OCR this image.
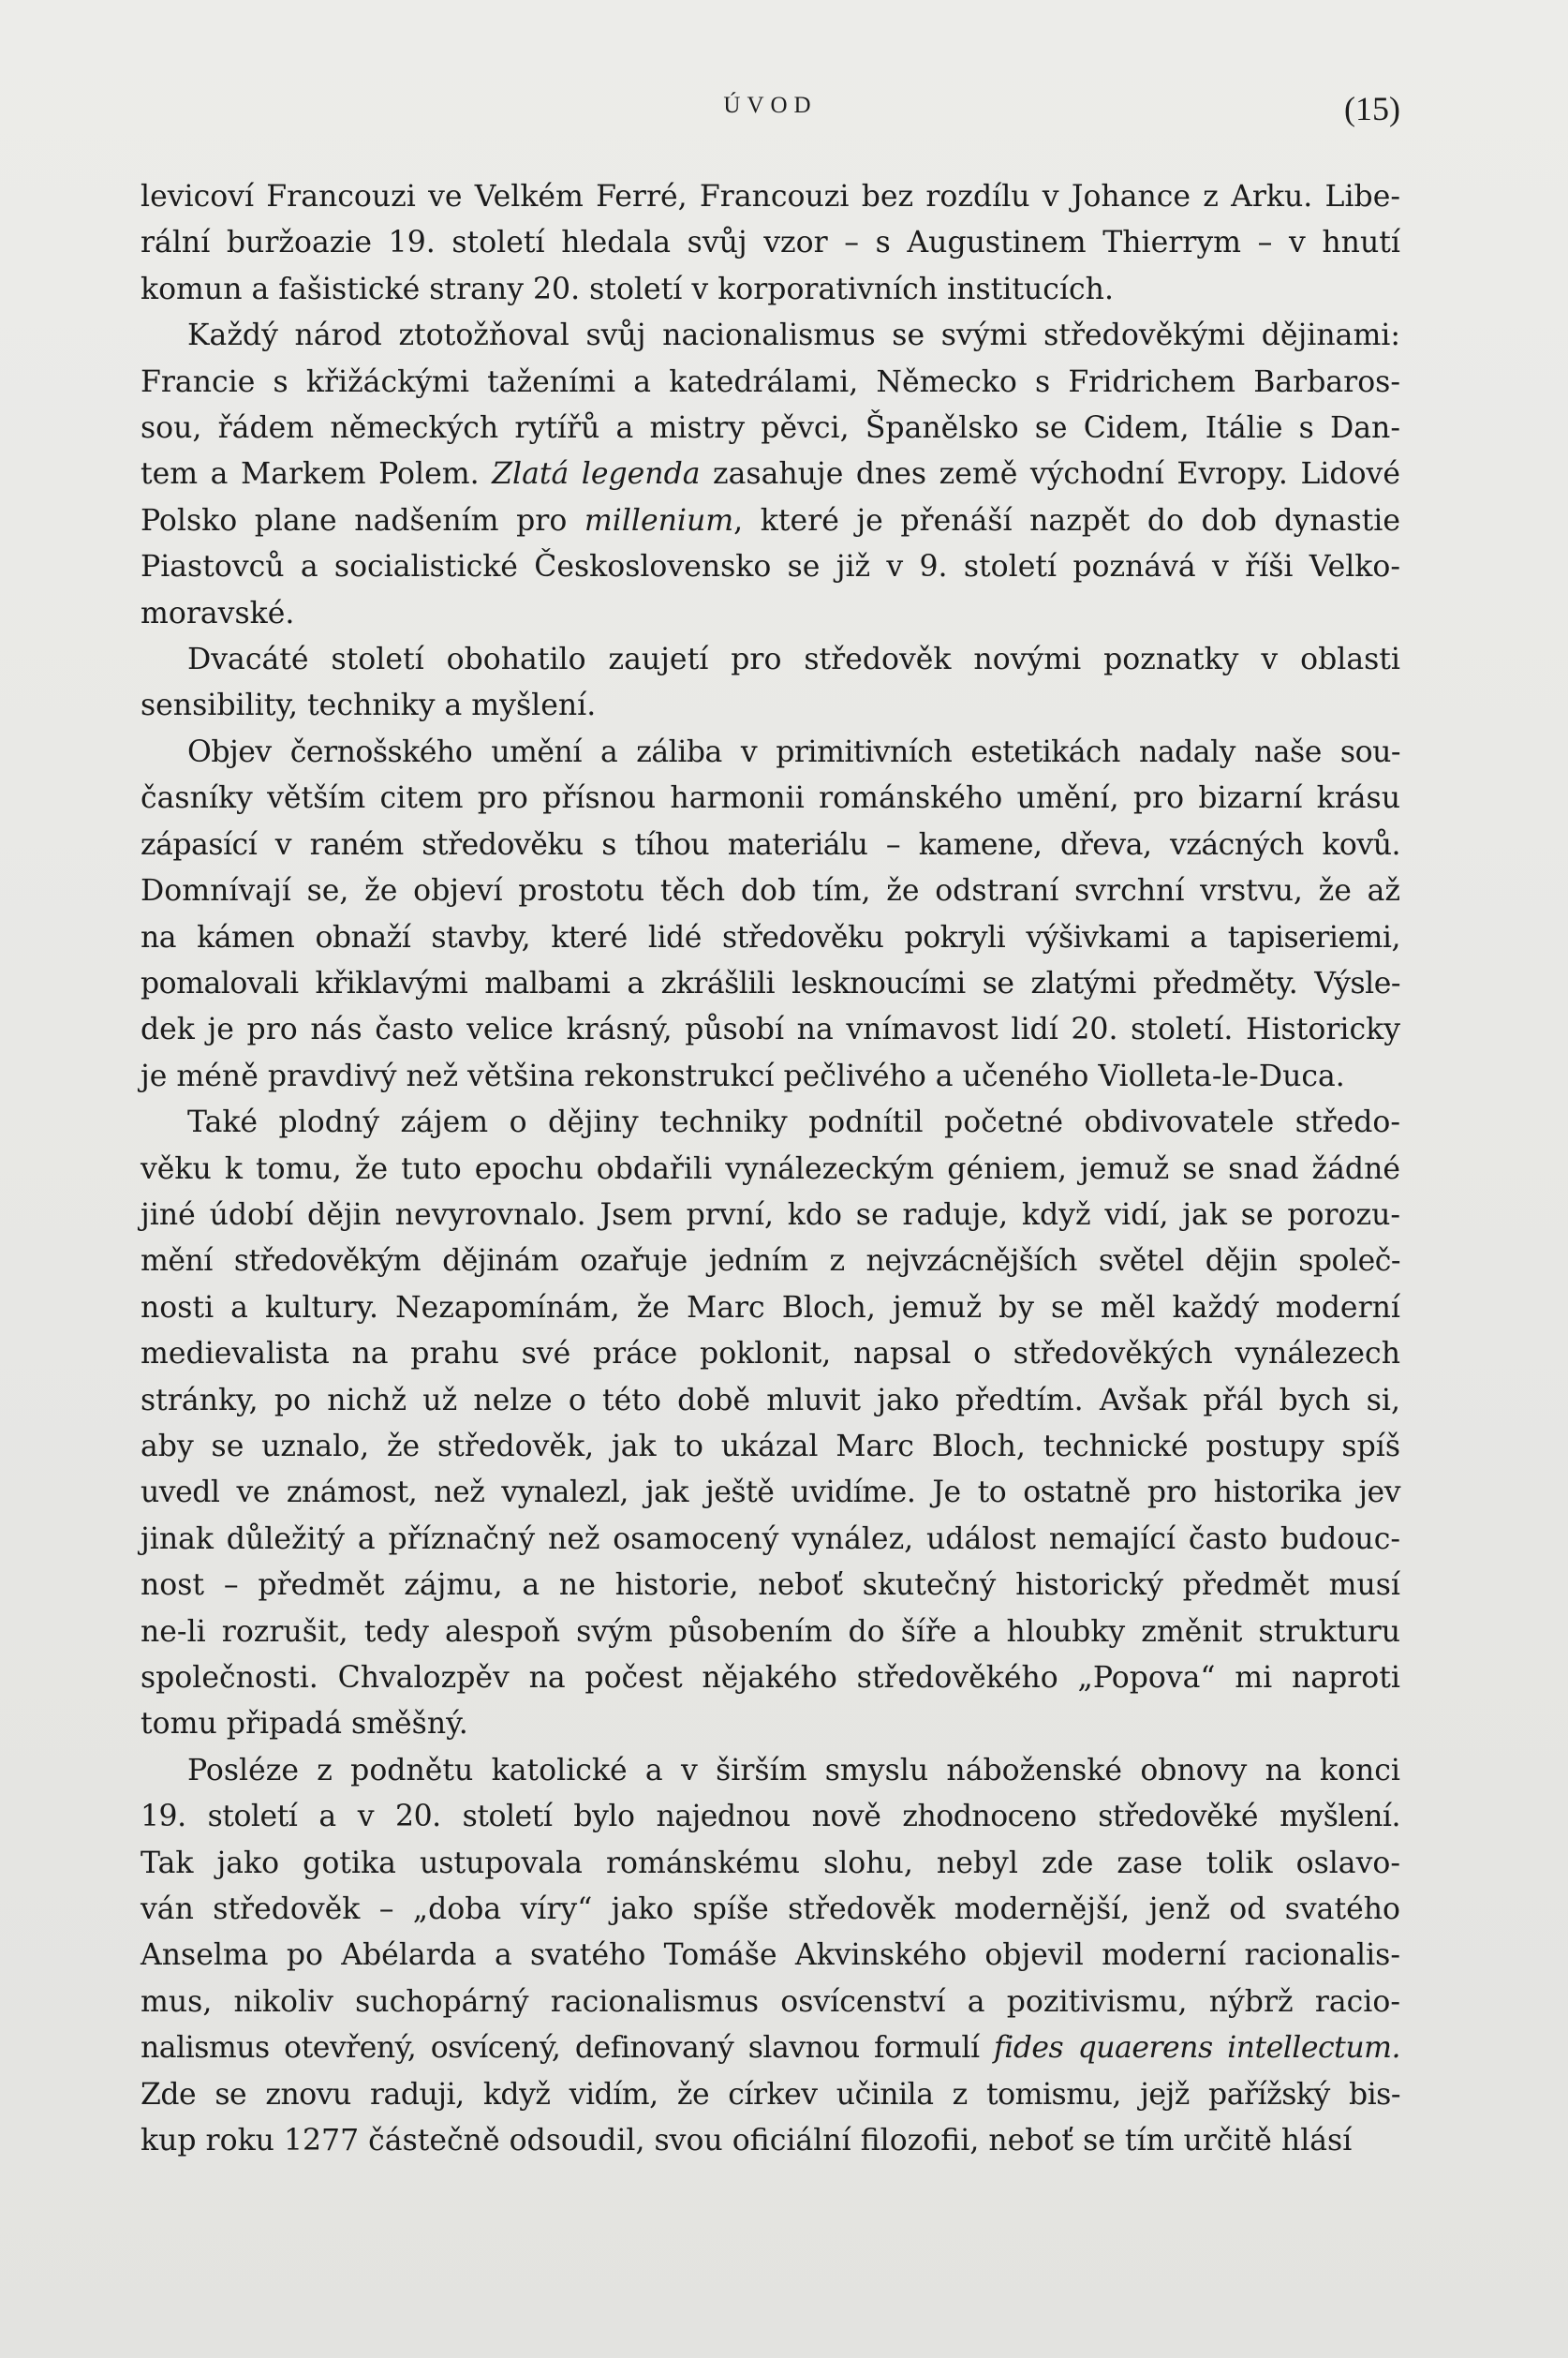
ÚVOD	(15)
levicoví Francouzi ve Velkém Ferré, Francouzi bez rozdílu v Johance z Arku. Libe-
rální buržoazie 19. století hledala svůj vzor – s Augustinem Thierrym – v hnutí
komun a fašistické strany 20. století v korporativních institucích.
Každý národ ztotožňoval svůj nacionalismus se svými středověkými dějinami:
Francie s křižáckými taženími a katedrálami, Německo s Fridrichem Barbaros-
sou, řádem německých rytířů a mistry pěvci, Španělsko se Cidem, Itálie s Dan-
tem a Markem Polem. Zlatá legenda zasahuje dnes země východní Evropy. Lidové
Polsko plane nadšením pro millenium, které je přenáší nazpět do dob dynastie
Piastovců a socialistické Československo se již v 9. století poznává v říši Velko-
moravské.
Dvacáté století obohatilo zaujetí pro středověk novými poznatky v oblasti
sensibility, techniky a myšlení.
Objev černošského umění a záliba v primitivních estetikách nadaly naše sou-
časníky větším citem pro přísnou harmonii románského umění, pro bizarní krásu
zápasící v raném středověku s tíhou materiálu – kamene, dřeva, vzácných kovů.
Domnívají se, že objeví prostotu těch dob tím, že odstraní svrchní vrstvu, že až
na kámen obnaží stavby, které lidé středověku pokryli výšivkami a tapiseriemi,
pomalovali křiklavými malbami a zkrášlili lesknoucími se zlatými předměty. Výsle-
dek je pro nás často velice krásný, působí na vnímavost lidí 20. století. Historicky
je méně pravdivý než většina rekonstrukcí pečlivého a učeného Violleta-le-Duca.
Také plodný zájem o dějiny techniky podnítil početné obdivovatele středo-
věku k tomu, že tuto epochu obdařili vynálezeckým géniem, jemuž se snad žádné
jiné údobí dějin nevyrovnalo. Jsem první, kdo se raduje, když vidí, jak se porozu-
mění středověkým dějinám ozařuje jedním z nejvzácnějších světel dějin společ-
nosti a kultury. Nezapomínám, že Marc Bloch, jemuž by se měl každý moderní
medievalista na prahu své práce poklonit, napsal o středověkých vynálezech
stránky, po nichž už nelze o této době mluvit jako předtím. Avšak přál bych si,
aby se uznalo, že středověk, jak to ukázal Marc Bloch, technické postupy spíš
uvedl ve známost, než vynalezl, jak ještě uvidíme. Je to ostatně pro historika jev
jinak důležitý a příznačný než osamocený vynález, událost nemající často budouc-
nost – předmět zájmu, a ne historie, neboť skutečný historický předmět musí
ne-li rozrušit, tedy alespoň svým působením do šíře a hloubky změnit strukturu
společnosti. Chvalozpěv na počest nějakého středověkého „Popova“ mi naproti
tomu připadá směšný.
Posléze z podnětu katolické a v širším smyslu náboženské obnovy na konci
19. století a v 20. století bylo najednou nově zhodnoceno středověké myšlení.
Tak jako gotika ustupovala románskému slohu, nebyl zde zase tolik oslavo-
ván středověk – „doba víry“ jako spíše středověk modernější, jenž od svatého
Anselma po Abélarda a svatého Tomáše Akvinského objevil moderní racionalis-
mus, nikoliv suchopárný racionalismus osvícenství a pozitivismu, nýbrž racio-
nalismus otevřený, osvícený, definovaný slavnou formulí fides quaerens intellectum.
Zde se znovu raduji, když vidím, že církev učinila z tomismu, jejž pařížský bis-
kup roku 1277 částečně odsoudil, svou oficiální filozofii, neboť se tím určitě hlásí
